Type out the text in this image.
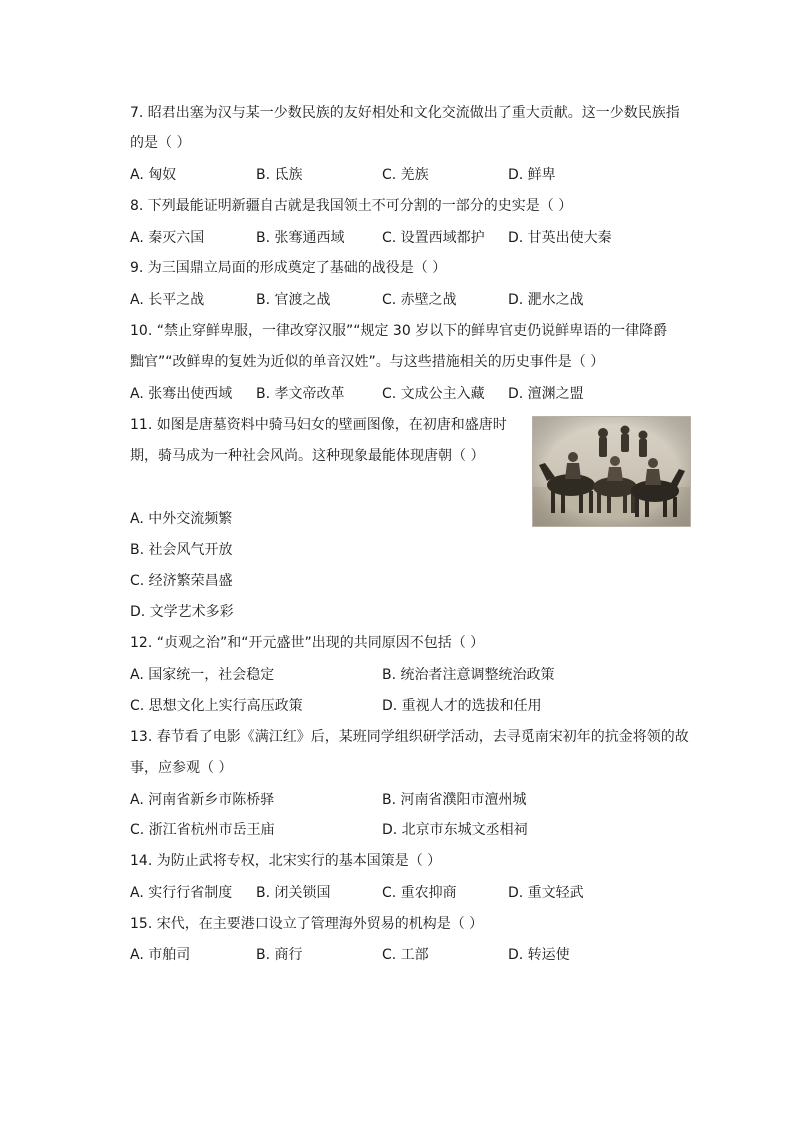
7. 昭君出塞为汉与某一少数民族的友好相处和文化交流做出了重大贡献。这一少数民族指
的是（ ）
A. 匈奴	B. 氐族	C. 羌族	D. 鲜卑
8. 下列最能证明新疆自古就是我国领土不可分割的一部分的史实是（ ）
A. 秦灭六国	B. 张骞通西域	C. 设置西域都护 D. 甘英出使大秦
9. 为三国鼎立局面的形成奠定了基础的战役是（ ）
A. 长平之战	B. 官渡之战	C. 赤壁之战	D. 淝水之战
10. “禁止穿鲜卑服，一律改穿汉服”“规定 30 岁以下的鲜卑官吏仍说鲜卑语的一律降爵
黜官”“改鲜卑的复姓为近似的单音汉姓”。与这些措施相关的历史事件是（ ）
A. 张骞出使西域 B. 孝文帝改革	C. 文成公主入藏 D. 澶渊之盟
11. 如图是唐墓资料中骑马妇女的壁画图像，在初唐和盛唐时
期，骑马成为一种社会风尚。这种现象最能体现唐朝（ ）
A. 中外交流频繁
B. 社会风气开放
C. 经济繁荣昌盛
D. 文学艺术多彩
12. “贞观之治”和“开元盛世”出现的共同原因不包括（ ）
A. 国家统一，社会稳定	B. 统治者注意调整统治政策
C. 思想文化上实行高压政策	D. 重视人才的选拔和任用
13. 春节看了电影《满江红》后，某班同学组织研学活动，去寻觅南宋初年的抗金将领的故
事，应参观（ ）
A. 河南省新乡市陈桥驿	B. 河南省濮阳市澶州城
C. 浙江省杭州市岳王庙	D. 北京市东城文丞相祠
14. 为防止武将专权，北宋实行的基本国策是（ ）
A. 实行行省制度 B. 闭关锁国	C. 重农抑商	D. 重文轻武
15. 宋代，在主要港口设立了管理海外贸易的机构是（ ）
A. 市舶司	B. 商行	C. 工部	D. 转运使
